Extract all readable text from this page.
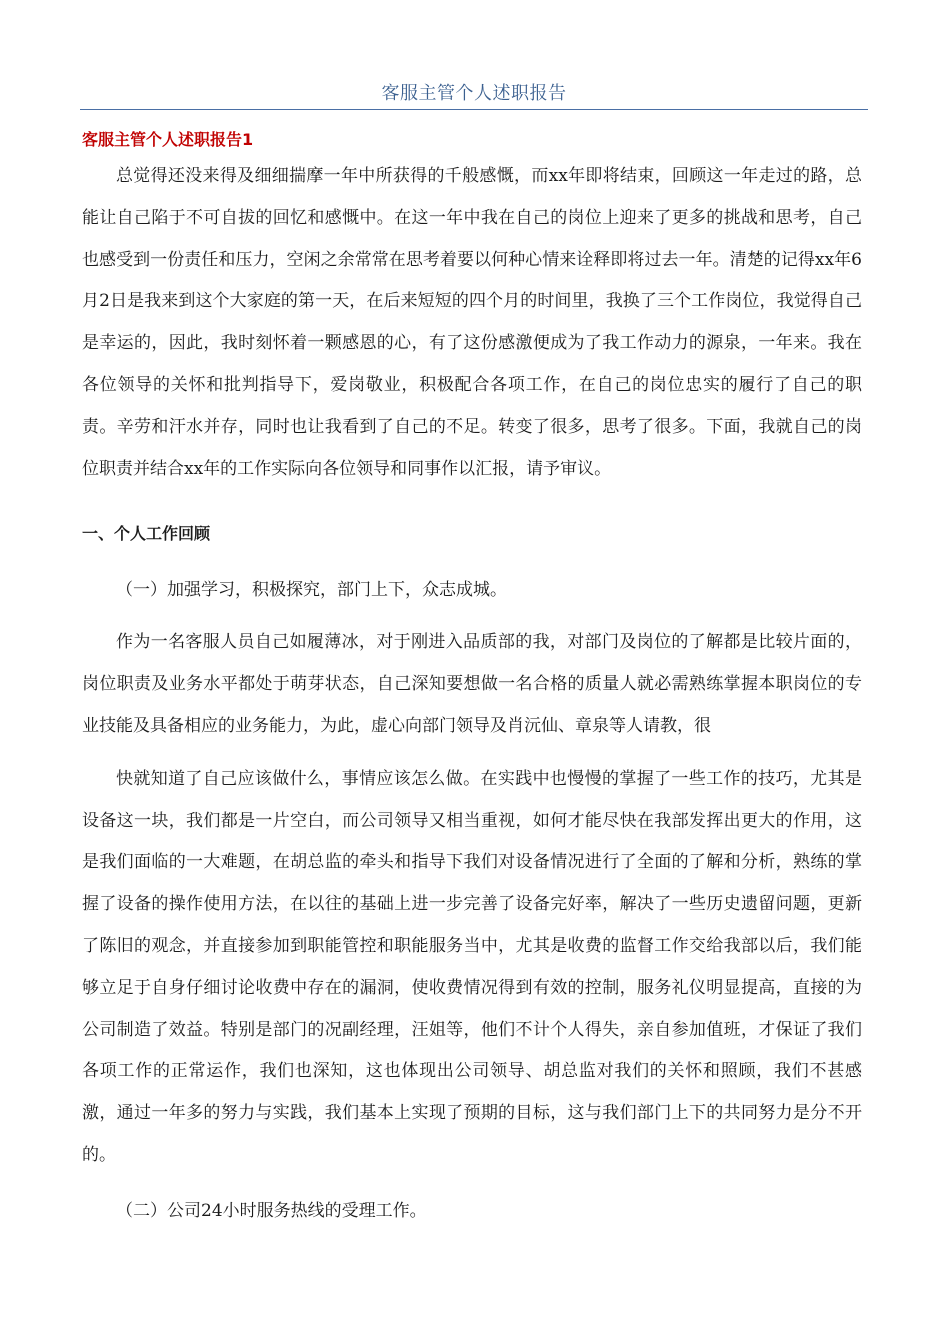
客服主管个人述职报告
客服主管个人述职报告1

总觉得还没来得及细细揣摩一年中所获得的千般感慨，而xx年即将结束，回顾这一年走过的路，总能让自己陷于不可自拔的回忆和感慨中。在这一年中我在自己的岗位上迎来了更多的挑战和思考，自己也感受到一份责任和压力，空闲之余常常在思考着要以何种心情来诠释即将过去一年。清楚的记得xx年6月2日是我来到这个大家庭的第一天，在后来短短的四个月的时间里，我换了三个工作岗位，我觉得自己是幸运的，因此，我时刻怀着一颗感恩的心，有了这份感激便成为了我工作动力的源泉，一年来。我在各位领导的关怀和批判指导下，爱岗敬业，积极配合各项工作，在自己的岗位忠实的履行了自己的职责。辛劳和汗水并存，同时也让我看到了自己的不足。转变了很多，思考了很多。下面，我就自己的岗位职责并结合xx年的工作实际向各位领导和同事作以汇报，请予审议。

一、个人工作回顾

（一）加强学习，积极探究，部门上下，众志成城。

作为一名客服人员自己如履薄冰，对于刚进入品质部的我，对部门及岗位的了解都是比较片面的，岗位职责及业务水平都处于萌芽状态，自己深知要想做一名合格的质量人就必需熟练掌握本职岗位的专业技能及具备相应的业务能力，为此，虚心向部门领导及肖沅仙、章泉等人请教，很

快就知道了自己应该做什么，事情应该怎么做。在实践中也慢慢的掌握了一些工作的技巧，尤其是设备这一块，我们都是一片空白，而公司领导又相当重视，如何才能尽快在我部发挥出更大的作用，这是我们面临的一大难题，在胡总监的牵头和指导下我们对设备情况进行了全面的了解和分析，熟练的掌握了设备的操作使用方法，在以往的基础上进一步完善了设备完好率，解决了一些历史遗留问题，更新了陈旧的观念，并直接参加到职能管控和职能服务当中，尤其是收费的监督工作交给我部以后，我们能够立足于自身仔细讨论收费中存在的漏洞，使收费情况得到有效的控制，服务礼仪明显提高，直接的为公司制造了效益。特别是部门的况副经理，汪姐等，他们不计个人得失，亲自参加值班，才保证了我们各项工作的正常运作，我们也深知，这也体现出公司领导、胡总监对我们的关怀和照顾，我们不甚感激，通过一年多的努力与实践，我们基本上实现了预期的目标，这与我们部门上下的共同努力是分不开的。

（二）公司24小时服务热线的受理工作。
